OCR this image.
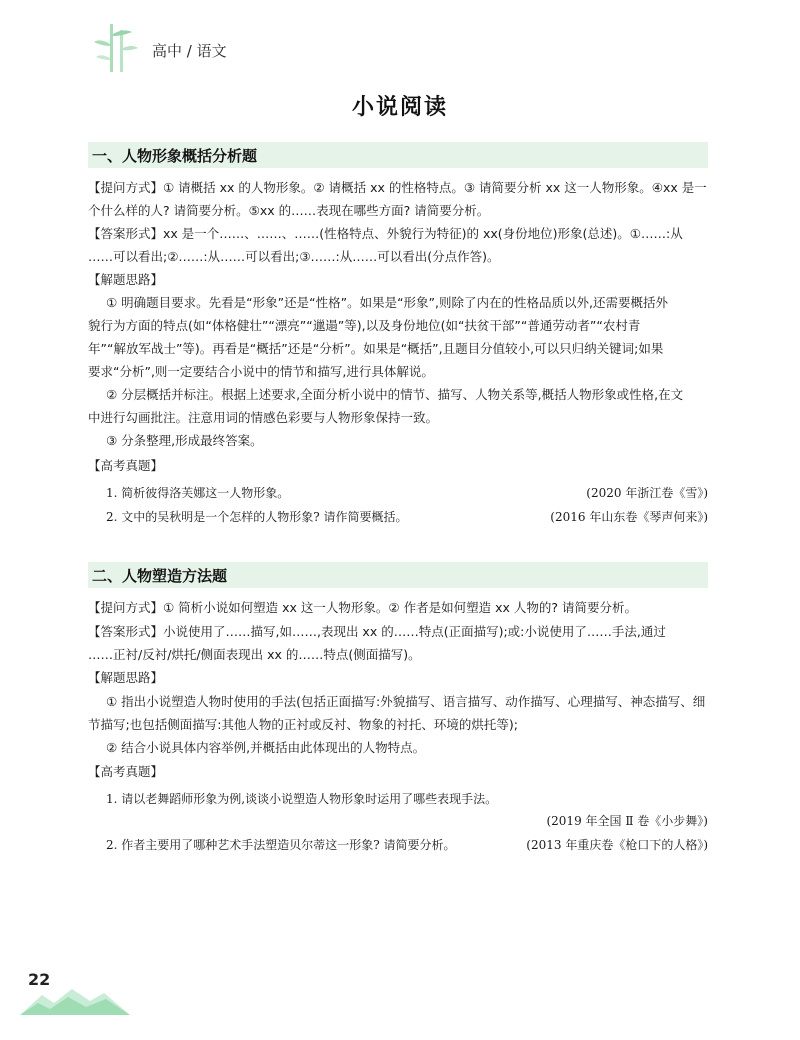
高中 / 语文
小说阅读
一、人物形象概括分析题
【提问方式】① 请概括 xx 的人物形象。② 请概括 xx 的性格特点。③ 请简要分析 xx 这一人物形象。④xx 是一
个什么样的人? 请简要分析。⑤xx 的……表现在哪些方面? 请简要分析。
【答案形式】xx 是一个……、……、……(性格特点、外貌行为特征)的 xx(身份地位)形象(总述)。①……:从
……可以看出;②……:从……可以看出;③……:从……可以看出(分点作答)。
【解题思路】
① 明确题目要求。先看是“形象”还是“性格”。如果是“形象”,则除了内在的性格品质以外,还需要概括外
貌行为方面的特点(如“体格健壮”“漂亮”“邋遢”等),以及身份地位(如“扶贫干部”“普通劳动者”“农村青
年”“解放军战士”等)。再看是“概括”还是“分析”。如果是“概括”,且题目分值较小,可以只归纳关键词;如果
要求“分析”,则一定要结合小说中的情节和描写,进行具体解说。
② 分层概括并标注。根据上述要求,全面分析小说中的情节、描写、人物关系等,概括人物形象或性格,在文
中进行勾画批注。注意用词的情感色彩要与人物形象保持一致。
③ 分条整理,形成最终答案。
【高考真题】
1. 简析彼得洛芙娜这一人物形象。	(2020 年浙江卷《雪》)
2. 文中的吴秋明是一个怎样的人物形象? 请作简要概括。	(2016 年山东卷《琴声何来》)
二、人物塑造方法题
【提问方式】① 简析小说如何塑造 xx 这一人物形象。② 作者是如何塑造 xx 人物的? 请简要分析。
【答案形式】小说使用了……描写,如……,表现出 xx 的……特点(正面描写);或:小说使用了……手法,通过
……正衬/反衬/烘托/侧面表现出 xx 的……特点(侧面描写)。
【解题思路】
① 指出小说塑造人物时使用的手法(包括正面描写:外貌描写、语言描写、动作描写、心理描写、神态描写、细
节描写;也包括侧面描写:其他人物的正衬或反衬、物象的衬托、环境的烘托等);
② 结合小说具体内容举例,并概括由此体现出的人物特点。
【高考真题】
1. 请以老舞蹈师形象为例,谈谈小说塑造人物形象时运用了哪些表现手法。
(2019 年全国 Ⅱ 卷《小步舞》)
2. 作者主要用了哪种艺术手法塑造贝尔蒂这一形象? 请简要分析。	(2013 年重庆卷《枪口下的人格》)
22
